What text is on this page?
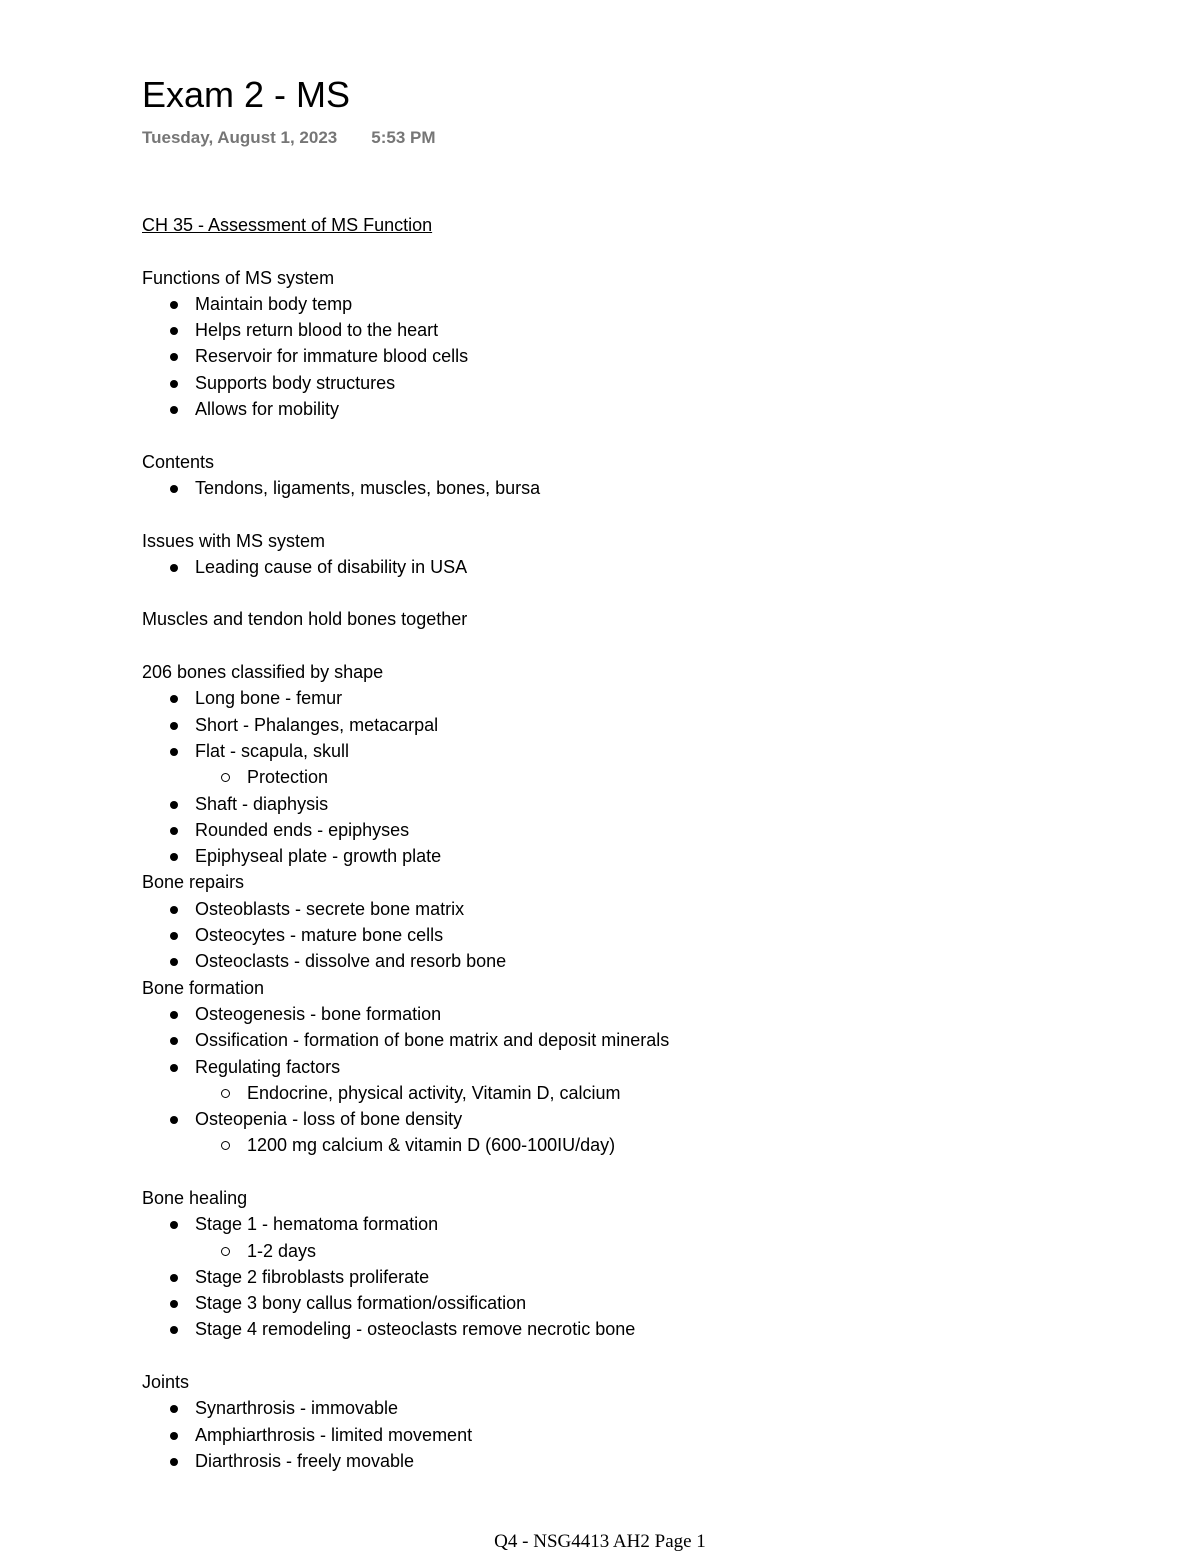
Exam 2 - MS
Tuesday, August 1, 2023 5:53 PM
CH 35 - Assessment of MS Function
Functions of MS system
Maintain body temp
Helps return blood to the heart
Reservoir for immature blood cells
Supports body structures
Allows for mobility
Contents
Tendons, ligaments, muscles, bones, bursa
Issues with MS system
Leading cause of disability in USA
Muscles and tendon hold bones together
206 bones classified by shape
Long bone - femur
Short - Phalanges, metacarpal
Flat - scapula, skull
Protection
Shaft - diaphysis
Rounded ends - epiphyses
Epiphyseal plate - growth plate
Bone repairs
Osteoblasts - secrete bone matrix
Osteocytes - mature bone cells
Osteoclasts - dissolve and resorb bone
Bone formation
Osteogenesis - bone formation
Ossification - formation of bone matrix and deposit minerals
Regulating factors
Endocrine, physical activity, Vitamin D, calcium
Osteopenia - loss of bone density
1200 mg calcium & vitamin D (600-100IU/day)
Bone healing
Stage 1 - hematoma formation
1-2 days
Stage 2 fibroblasts proliferate
Stage 3 bony callus formation/ossification
Stage 4 remodeling - osteoclasts remove necrotic bone
Joints
Synarthrosis - immovable
Amphiarthrosis - limited movement
Diarthrosis - freely movable
Q4 - NSG4413 AH2 Page 1
